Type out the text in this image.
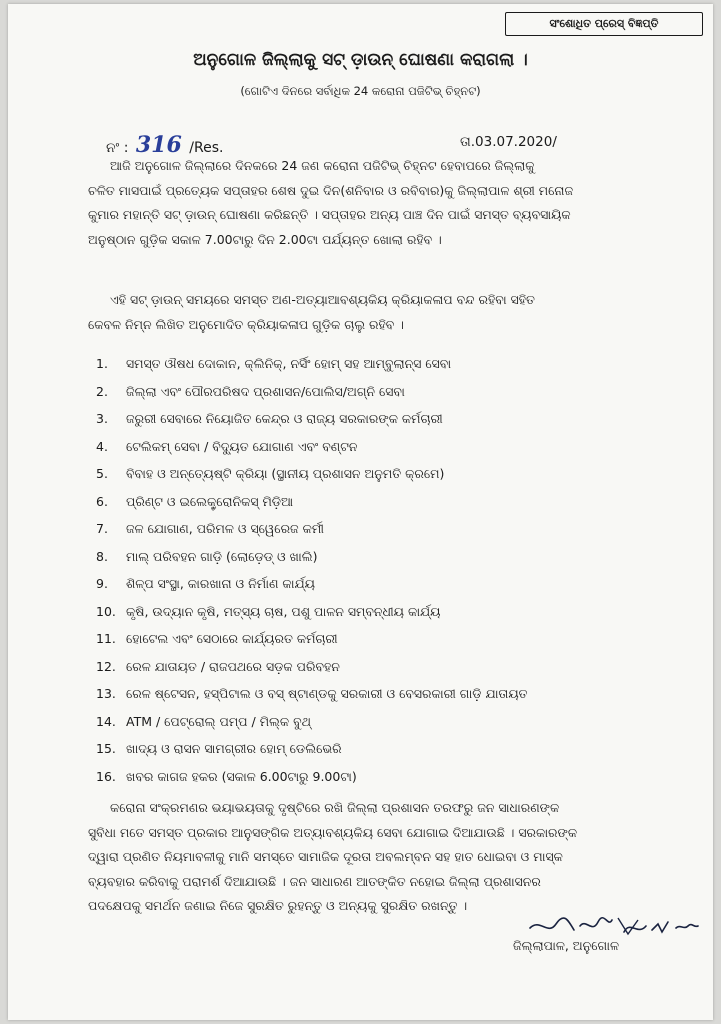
ସଂଶୋଧିତ ପ୍ରେସ୍ ବିଜ୍ଞପ୍ତି
ଅନୁଗୋଳ ଜିଲ୍ଲାକୁ ସଟ୍ ଡ଼ାଉନ୍ ଘୋଷଣା କରାଗଲା ।
(ଗୋଟିଏ ଦିନରେ ସର୍ବାଧିକ 24 କରୋନା ପଜିଟିଭ୍ ଚିହ୍ନଟ)
ନଂ : 316 /Res.	ତା.03.07.2020/
ଆଜି ଅନୁଗୋଳ ଜିଲ୍ଲାରେ ଦିନକରେ 24 ଜଣ କରୋନା ପଜିଟିଭ୍ ଚିହ୍ନଟ ହେବାପରେ ଜିଲ୍ଲାକୁ
ଚଳିତ ମାସପାଇଁ ପ୍ରତ୍ୟେକ ସପ୍ତାହର ଶେଷ ଦୁଇ ଦିନ(ଶନିବାର ଓ ରବିବାର)କୁ ଜିଲ୍ଲାପାଳ ଶ୍ରୀ ମନୋଜ
କୁମାର ମହାନ୍ତି ସଟ୍ ଡ଼ାଉନ୍ ଘୋଷଣା କରିଛନ୍ତି । ସପ୍ତାହର ଅନ୍ୟ ପାଞ୍ଚ ଦିନ ପାଇଁ ସମସ୍ତ ବ୍ୟବସାୟିକ
ଅନୁଷ୍ଠାନ ଗୁଡ଼ିକ ସକାଳ 7.00ଟାରୁ ଦିନ 2.00ଟା ପର୍ଯ୍ୟନ୍ତ ଖୋଲା ରହିବ ।
ଏହି ସଟ୍ ଡ଼ାଉନ୍ ସମୟରେ ସମସ୍ତ ଅଣ-ଅତ୍ୟାଆବଶ୍ୟକିୟ କ୍ରିୟାକଳାପ ବନ୍ଦ ରହିବା ସହିତ
କେବଳ ନିମ୍ନ ଲିଖିତ ଅନୁମୋଦିତ କ୍ରିୟାକଳାପ ଗୁଡ଼ିକ ଚାଲୁ ରହିବ ।
1. ସମସ୍ତ ଔଷଧ ଦୋକାନ, କ୍ଲିନିକ୍, ନର୍ସିଂ ହୋମ୍ ସହ ଆମ୍ବୁଲାନ୍ସ ସେବା
2. ଜିଲ୍ଲା ଏବଂ ପୌରପରିଷଦ ପ୍ରଶାସନ/ପୋଲିସ/ଅଗ୍ନି ସେବା
3. ଜରୁରୀ ସେବାରେ ନିୟୋଜିତ କେନ୍ଦ୍ର ଓ ରାଜ୍ୟ ସରକାରଙ୍କ କର୍ମଚାରୀ
4. ଟେଲିକମ୍ ସେବା / ବିଦ୍ୟୁତ ଯୋଗାଣ ଏବଂ ବଣ୍ଟନ
5. ବିବାହ ଓ ଅନ୍ତ୍ୟେଷ୍ଟି କ୍ରିୟା (ସ୍ଥାନୀୟ ପ୍ରଶାସନ ଅନୁମତି କ୍ରମେ)
6. ପ୍ରିଣ୍ଟ ଓ ଇଲେକ୍ଟ୍ରୋନିକସ୍ ମିଡ଼ିଆ
7. ଜଳ ଯୋଗାଣ, ପରିମଳ ଓ ସ୍ୱେରେଜ କର୍ମୀ
8. ମାଲ୍ ପରିବହନ ଗାଡ଼ି (ଲୋଡ଼େଡ୍ ଓ ଖାଲି)
9. ଶିଳ୍ପ ସଂସ୍ଥା, କାରଖାନା ଓ ନିର୍ମାଣ କାର୍ଯ୍ୟ
10. କୃଷି, ଉଦ୍ୟାନ କୃଷି, ମତ୍ସ୍ୟ ଚାଷ, ପଶୁ ପାଳନ ସମ୍ବନ୍ଧୀୟ କାର୍ଯ୍ୟ
11. ହୋଟେଲ ଏବଂ ସେଠାରେ କାର୍ଯ୍ୟରତ କର୍ମଚାରୀ
12. ରେଳ ଯାତାୟତ / ରାଜପଥରେ ସଡ଼କ ପରିବହନ
13. ରେଳ ଷ୍ଟେସନ, ହସ୍ପିଟାଲ ଓ ବସ୍ ଷ୍ଟାଣ୍ଡକୁ ସରକାରୀ ଓ ବେସରକାରୀ ଗାଡ଼ି ଯାତାୟତ
14. ATM / ପେଟ୍ରୋଲ୍ ପମ୍ପ / ମିଲ୍କ ବୁଥ୍
15. ଖାଦ୍ୟ ଓ ରାସନ ସାମଗ୍ରୀର ହୋମ୍ ଡେଲିଭେରି
16. ଖବର କାଗଜ ହକର (ସକାଳ 6.00ଟାରୁ 9.00ଟା)
କରୋନା ସଂକ୍ରମଣର ଭୟାଭୟତାକୁ ଦୃଷ୍ଟିରେ ରଖି ଜିଲ୍ଲା ପ୍ରଶାସନ ତରଫରୁ ଜନ ସାଧାରଣଙ୍କ
ସୁବିଧା ମତେ ସମସ୍ତ ପ୍ରକାର ଆନୁସଙ୍ଗିକ ଅତ୍ୟାବଶ୍ୟକିୟ ସେବା ଯୋଗାଇ ଦିଆଯାଉଛି । ସରକାରଙ୍କ
ଦ୍ୱାରା ପ୍ରଣିତ ନିୟମାବଳୀକୁ ମାନି ସମସ୍ତେ ସାମାଜିକ ଦୂରତା ଅବଲମ୍ବନ ସହ ହାତ ଧୋଇବା ଓ ମାସ୍କ
ବ୍ୟବହାର କରିବାକୁ ପରାମର୍ଶ ଦିଆଯାଉଛି । ଜନ ସାଧାରଣ ଆତଙ୍କିତ ନହୋଇ ଜିଲ୍ଲା ପ୍ରଶାସନର
ପଦକ୍ଷେପକୁ ସମର୍ଥନ ଜଣାଇ ନିଜେ ସୁରକ୍ଷିତ ରୁହନ୍ତୁ ଓ ଅନ୍ୟକୁ ସୁରକ୍ଷିତ ରଖନ୍ତୁ ।
ଜିଲ୍ଲାପାଳ, ଅନୁଗୋଳ
